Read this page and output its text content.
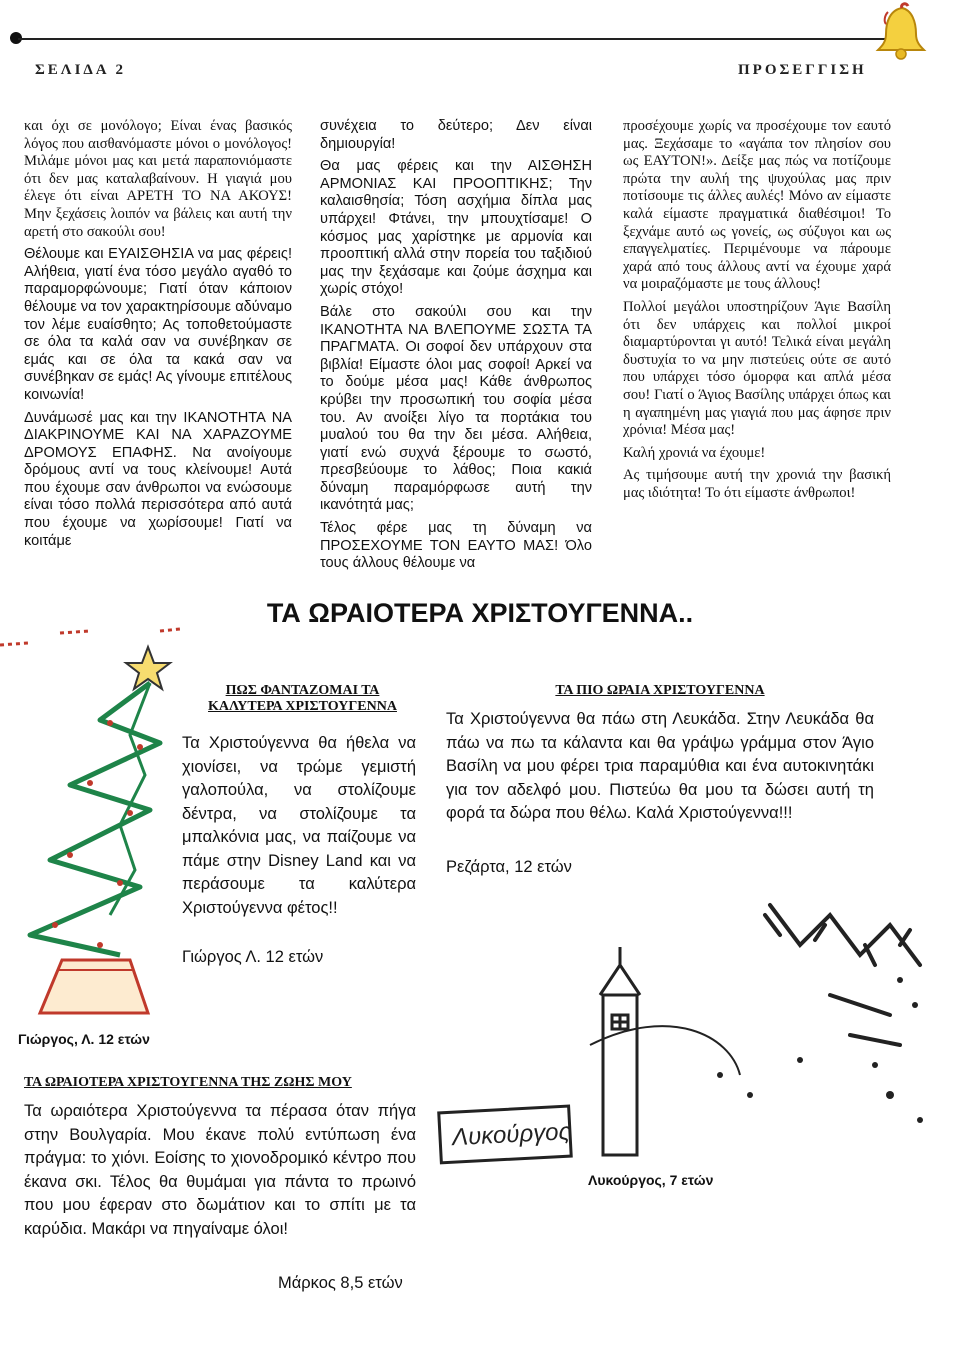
ΣΕΛΙΔΑ 2	ΠΡΟΣΕΓΓΙΣΗ

και όχι σε μονόλογο; Είναι ένας βασικός λόγος που αισθανόμαστε μόνοι ο μονόλογος! Μιλάμε μόνοι μας και μετά παραπονιόμαστε ότι δεν μας καταλαβαίνουν. Η γιαγιά μου έλεγε ότι είναι ΑΡΕΤΗ ΤΟ ΝΑ ΑΚΟΥΣ! Μην ξεχάσεις λοιπόν να βάλεις και αυτή την αρετή στο σακούλι σου!

Θέλουμε και ΕΥΑΙΣΘΗΣΙΑ να μας φέρεις! Αλήθεια, γιατί ένα τόσο μεγάλο αγαθό το παραμορφώνουμε; Γιατί όταν κάποιον θέλουμε να τον χαρακτηρίσουμε αδύναμο τον λέμε ευαίσθητο; Ας τοποθετούμαστε σε όλα τα καλά σαν να συνέβηκαν σε εμάς και σε όλα τα κακά σαν να συνέβηκαν σε εμάς! Ας γίνουμε επιτέλους κοινωνία!

Δυνάμωσέ μας και την ΙΚΑΝΟΤΗΤΑ ΝΑ ΔΙΑΚΡΙΝΟΥΜΕ ΚΑΙ ΝΑ ΧΑΡΑΖΟΥΜΕ ΔΡΟΜΟΥΣ ΕΠΑΦΗΣ. Να ανοίγουμε δρόμους αντί να τους κλείνουμε! Αυτά που έχουμε σαν άνθρωποι να ενώσουμε είναι τόσο πολλά περισσότερα από αυτά που έχουμε να χωρίσουμε! Γιατί να κοιτάμε

συνέχεια το δεύτερο; Δεν είναι δημιουργία!

Θα μας φέρεις και την ΑΙΣΘΗΣΗ ΑΡΜΟΝΙΑΣ ΚΑΙ ΠΡΟΟΠΤΙΚΗΣ; Την καλαισθησία; Τόση ασχήμια δίπλα μας υπάρχει! Φτάνει, την μπουχτίσαμε! Ο κόσμος μας χαρίστηκε με αρμονία και προοπτική αλλά στην πορεία του ταξιδιού μας την ξεχάσαμε και ζούμε άσχημα και χωρίς στόχο!

Βάλε στο σακούλι σου και την ΙΚΑΝΟΤΗΤΑ ΝΑ ΒΛΕΠΟΥΜΕ ΣΩΣΤΑ ΤΑ ΠΡΑΓΜΑΤΑ. Οι σοφοί δεν υπάρχουν στα βιβλία! Είμαστε όλοι μας σοφοί! Αρκεί να το δούμε μέσα μας! Κάθε άνθρωπος κρύβει την προσωπική του σοφία μέσα του. Αν ανοίξει λίγο τα πορτάκια του μυαλού του θα την δει μέσα. Αλήθεια, γιατί ενώ συχνά ξέρουμε το σωστό, πρεσβεύουμε το λάθος; Ποια κακιά δύναμη παραμόρφωσε αυτή την ικανότητά μας;

Τέλος φέρε μας τη δύναμη να ΠΡΟΣΕΧΟΥΜΕ ΤΟΝ ΕΑΥΤΟ ΜΑΣ! Όλο τους άλλους θέλουμε να

προσέχουμε χωρίς να προσέχουμε τον εαυτό μας. Ξεχάσαμε το «αγάπα τον πλησίον σου ως ΕΑΥΤΟΝ!». Δείξε μας πώς να ποτίζουμε πρώτα την αυλή της ψυχούλας μας πριν ποτίσουμε τις άλλες αυλές! Μόνο αν είμαστε καλά είμαστε πραγματικά διαθέσιμοι! Το ξεχνάμε αυτό ως γονείς, ως σύζυγοι και ως επαγγελματίες. Περιμένουμε να πάρουμε χαρά από τους άλλους αντί να έχουμε χαρά να μοιραζόμαστε με τους άλλους!

Πολλοί μεγάλοι υποστηρίζουν Άγιε Βασίλη ότι δεν υπάρχεις και πολλοί μικροί διαμαρτύρονται γι αυτό! Τελικά είναι μεγάλη δυστυχία το να μην πιστεύεις ούτε σε αυτό που υπάρχει τόσο όμορφα και απλά μέσα σου! Γιατί ο Άγιος Βασίλης υπάρχει όπως και η αγαπημένη μας γιαγιά που μας άφησε πριν χρόνια! Μέσα μας!

Καλή χρονιά να έχουμε!

Ας τιμήσουμε αυτή την χρονιά την βασική μας ιδιότητα! Το ότι είμαστε άνθρωποι!

ΤΑ ΩΡΑΙΟΤΕΡΑ ΧΡΙΣΤΟΥΓΕΝΝΑ..
ΠΩΣ ΦΑΝΤΑΖΟΜΑΙ ΤΑ
ΚΑΛΥΤΕΡΑ ΧΡΙΣΤΟΥΓΕΝΝΑ
Τα Χριστούγεννα θα ήθελα να χιονίσει, να τρώμε γεμιστή γαλοπούλα, να στολίζουμε δέντρα, να στολίζουμε τα μπαλκόνια μας, να παίζουμε να πάμε στην Disney Land και να περάσουμε τα καλύτερα Χριστούγεννα φέτος!!
Γιώργος Λ. 12 ετών
ΤΑ ΠΙΟ ΩΡΑΙΑ ΧΡΙΣΤΟΥΓΕΝΝΑ
Τα Χριστούγεννα θα πάω στη Λευκάδα. Στην Λευκάδα θα πάω να πω τα κάλαντα και θα γράψω γράμμα στον Άγιο Βασίλη να μου φέρει τρια παραμύθια και ένα αυτοκινητάκι για τον αδελφό μου. Πιστεύω θα μου τα δώσει αυτή τη φορά τα δώρα που θέλω. Καλά Χριστούγεννα!!!
Ρεζάρτα, 12 ετών
Λυκούργος
Λυκούργος, 7 ετών
Γιώργος, Λ. 12 ετών
ΤΑ ΩΡΑΙΟΤΕΡΑ ΧΡΙΣΤΟΥΓΕΝΝΑ ΤΗΣ ΖΩΗΣ ΜΟΥ
Τα ωραιότερα Χριστούγεννα τα πέρασα όταν πήγα στην Βουλγαρία. Μου έκανε πολύ εντύπωση ένα πράγμα: το χιόνι. Εοίσης το χιονοδρομικό κέντρο που έκανα σκι. Τέλος θα θυμάμαι για πάντα το πρωινό που μου έφεραν στο δωμάτιον και το σπίτι με τα καρύδια. Μακάρι να πηγαίναμε όλοι!
Μάρκος 8,5 ετών
